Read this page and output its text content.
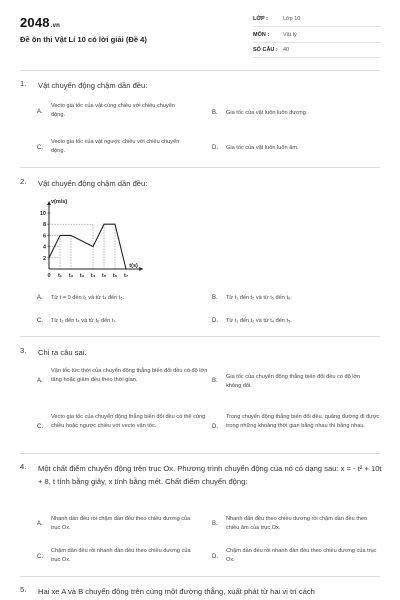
2048.vn
Đề ôn thi Vật Lí 10 có lời giải (Đề 4)
LỚP :	Lớp 10
MÔN :	Vật lý
SỐ CÂU : 40
1.	Vật chuyển động chậm dần đều:
A.
Vecto gia tốc của vật cùng chiều với chiều chuyển động.	B. Gia tốc của vật luôn luôn dương.
C.
Vecto gia tốc của vật ngược chiều với chiều chuyển động.	D. Gia tốc của vật luôn luôn âm.
2.	Vật chuyển động chậm dần đều:
v(m/s)
t(s)
10
8
6
4
2
0 t₁ t₂ t₃ t₄ t₅ t₆ t₇
A. Từ t = 0 đến t₁ và từ t₄ đến t₅.	B. Từ t₁ đến t₂ và từ t₅ đến t₆.
C. Từ t₂ đến t₄ và từ t₆ đến t₇.	D. Từ t₁ đến t₂ và từ t₄ đến t₅.
3.	Chỉ ra câu sai.
A.
Vận tốc tức thời của chuyển động thẳng biến đổi đều có độ lớn tăng hoặc giảm đều theo thời gian.	B.
Gia tốc của chuyển động thẳng biến đổi đều có độ lớn không đổi.
C.
Vecto gia tốc của chuyển động thẳng biến đổi đều có thể cùng chiều hoặc ngược chiều với vecto vận tốc.	D.
Trong chuyển động thẳng biến đổi đều, quãng đường đi được trong những khoảng thời gian bằng nhau thì bằng nhau.
4.	Một chất điểm chuyển động trên trục Ox. Phương trình chuyển động của nó có dạng sau: x = - t² + 10t + 8, t tính bằng giây, x tính bằng mét. Chất điểm chuyển động:
A.
Nhanh dần đều rồi chậm dần đều theo chiều dương của trục Ox.
B.
Nhanh dần đều theo chiều dương rồi chậm dần đều theo chiều âm của trục Ox.
C.
Chậm dần đều rồi nhanh dần đều theo chiều dương của trục Ox.	D.
Chậm dần đều rồi nhanh dần đều theo chiều dương của trục Ox.
5.	Hai xe A và B chuyển động trên cùng một đường thẳng, xuất phát từ hai vị trí cách
